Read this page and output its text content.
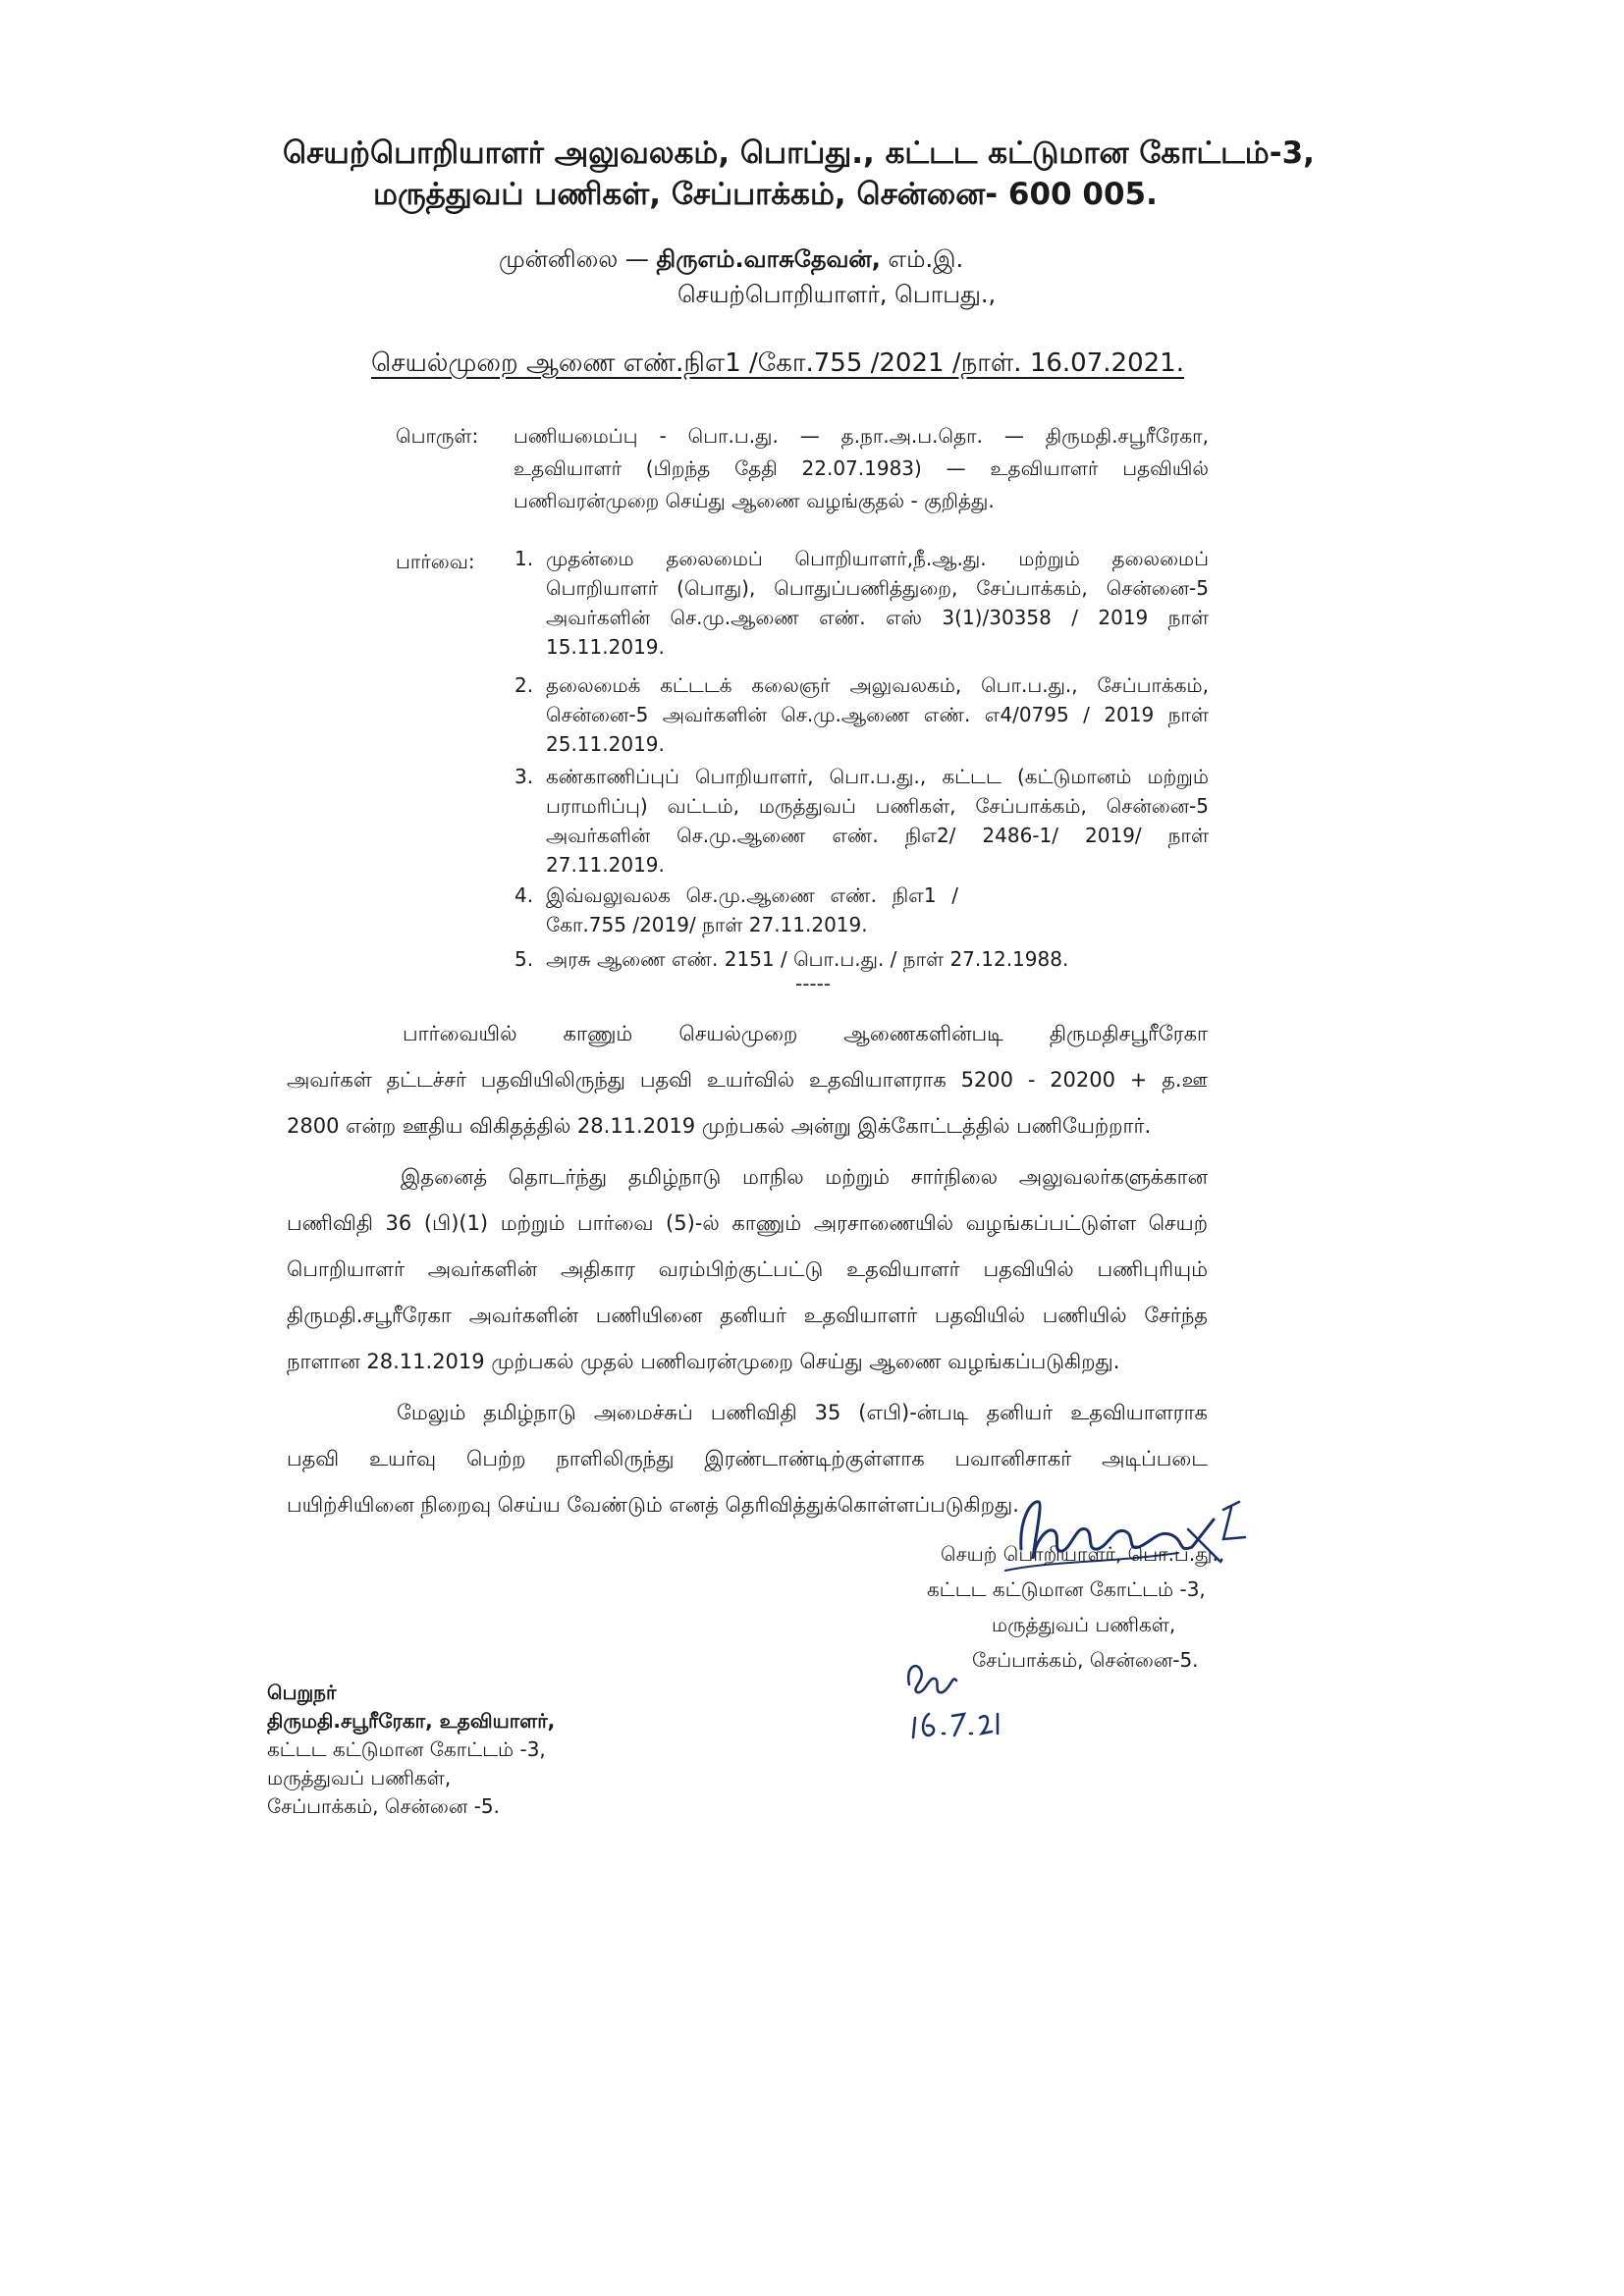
செயற்பொறியாளர் அலுவலகம், பொப்து., கட்டட கட்டுமான கோட்டம்-3,
மருத்துவப் பணிகள், சேப்பாக்கம், சென்னை- 600 005.
முன்னிலை — திருஎம்.வாசுதேவன், எம்.இ.
செயற்பொறியாளர், பொபது.,
செயல்முறை ஆணை எண்.நிஎ1 /கோ.755 /2021 /நாள். 16.07.2021.
பொருள்: பணியமைப்பு - பொ.ப.து. — த.நா.அ.ப.தொ. — திருமதி.சபூரீரேகா, உதவியாளர் (பிறந்த தேதி 22.07.1983) — உதவியாளர் பதவியில் பணிவரன்முறை செய்து ஆணை வழங்குதல் - குறித்து.
பார்வை: 1. முதன்மை தலைமைப் பொறியாளர்,நீ.ஆ.து. மற்றும் தலைமைப் பொறியாளர் (பொது), பொதுப்பணித்துறை, சேப்பாக்கம், சென்னை-5 அவர்களின் செ.மு.ஆணை எண். எஸ் 3(1)/30358 / 2019 நாள் 15.11.2019.
2. தலைமைக் கட்டடக் கலைஞர் அலுவலகம், பொ.ப.து., சேப்பாக்கம், சென்னை-5 அவர்களின் செ.மு.ஆணை எண். எ4/0795 / 2019 நாள் 25.11.2019.
3. கண்காணிப்புப் பொறியாளர், பொ.ப.து., கட்டட (கட்டுமானம் மற்றும் பராமரிப்பு) வட்டம், மருத்துவப் பணிகள், சேப்பாக்கம், சென்னை-5 அவர்களின் செ.மு.ஆணை எண். நிஎ2/ 2486-1/ 2019/ நாள் 27.11.2019.
4. இவ்வலுவலக செ.மு.ஆணை எண். நிஎ1 /கோ.755 /2019/ நாள் 27.11.2019.
5. அரசு ஆணை எண். 2151 / பொ.ப.து. / நாள் 27.12.1988.
-----
பார்வையில் காணும் செயல்முறை ஆணைகளின்படி திருமதிசபூரீரேகா
அவர்கள் தட்டச்சர் பதவியிலிருந்து பதவி உயர்வில் உதவியாளராக 5200 - 20200 + த.ஊ
2800 என்ற ஊதிய விகிதத்தில் 28.11.2019 முற்பகல் அன்று இக்கோட்டத்தில் பணியேற்றார்.
இதனைத் தொடர்ந்து தமிழ்நாடு மாநில மற்றும் சார்நிலை அலுவலர்களுக்கான
பணிவிதி 36 (பி)(1) மற்றும் பார்வை (5)-ல் காணும் அரசாணையில் வழங்கப்பட்டுள்ள செயற்
பொறியாளர் அவர்களின் அதிகார வரம்பிற்குட்பட்டு உதவியாளர் பதவியில் பணிபுரியும்
திருமதி.சபூரீரேகா அவர்களின் பணியினை தனியர் உதவியாளர் பதவியில் பணியில் சேர்ந்த
நாளான 28.11.2019 முற்பகல் முதல் பணிவரன்முறை செய்து ஆணை வழங்கப்படுகிறது.
மேலும் தமிழ்நாடு அமைச்சுப் பணிவிதி 35 (எபி)-ன்படி தனியர் உதவியாளராக
பதவி உயர்வு பெற்ற நாளிலிருந்து இரண்டாண்டிற்குள்ளாக பவானிசாகர் அடிப்படை
பயிற்சியினை நிறைவு செய்ய வேண்டும் எனத் தெரிவித்துக்கொள்ளப்படுகிறது.
செயற் பொறியாளர், பொ.ப.து.,
கட்டட கட்டுமான கோட்டம் -3,
மருத்துவப் பணிகள்,
சேப்பாக்கம், சென்னை-5.
பெறுநர்
திருமதி.சபூரீரேகா, உதவியாளர்,
கட்டட கட்டுமான கோட்டம் -3,
மருத்துவப் பணிகள்,
சேப்பாக்கம், சென்னை -5.
